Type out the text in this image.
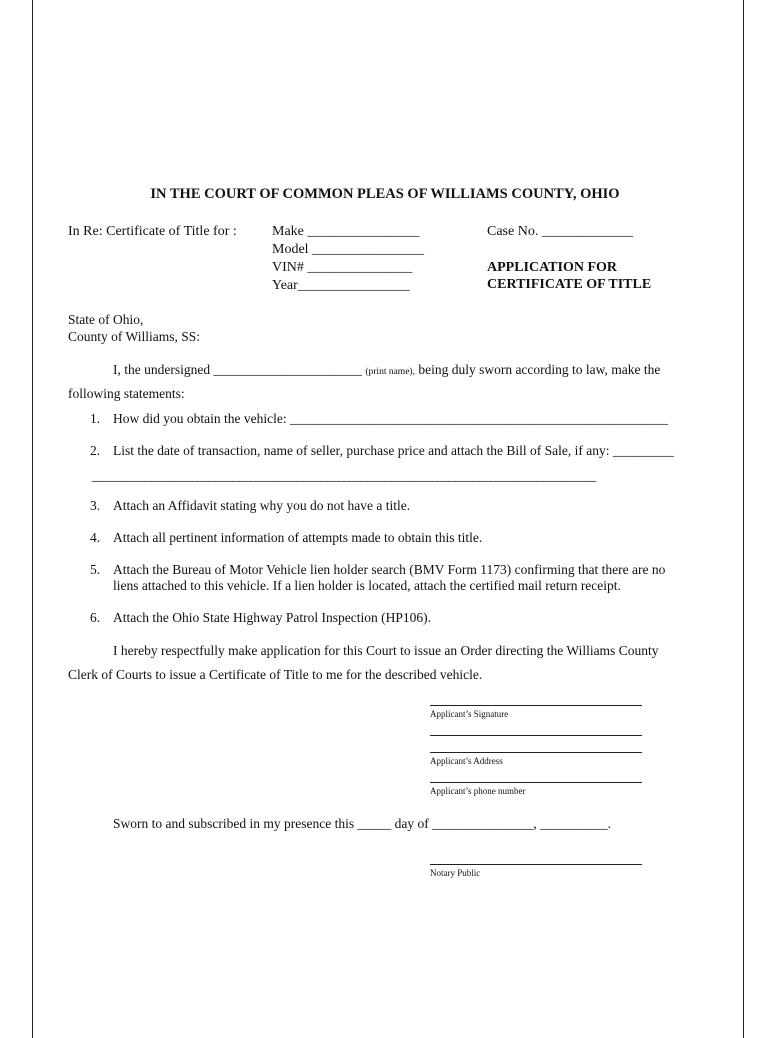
IN THE COURT OF COMMON PLEAS OF WILLIAMS COUNTY, OHIO
In Re: Certificate of Title for :	Make ________________
Model ________________
VIN# _______________
Year________________
Case No. _____________
APPLICATION FOR
CERTIFICATE OF TITLE
State of Ohio,
County of Williams, SS:
I, the undersigned ______________________ (print name), being duly sworn according to law, make the
following statements:
1. How did you obtain the vehicle: ________________________________________________________
2. List the date of transaction, name of seller, purchase price and attach the Bill of Sale, if any: _________
______________________________________________________________________________________
3. Attach an Affidavit stating why you do not have a title.
4. Attach all pertinent information of attempts made to obtain this title.
5. Attach the Bureau of Motor Vehicle lien holder search (BMV Form 1173) confirming that there are no
liens attached to this vehicle. If a lien holder is located, attach the certified mail return receipt.
6. Attach the Ohio State Highway Patrol Inspection (HP106).
I hereby respectfully make application for this Court to issue an Order directing the Williams County
Clerk of Courts to issue a Certificate of Title to me for the described vehicle.
Applicant’s Signature
Applicant’s Address
Applicant’s phone number
Sworn to and subscribed in my presence this _____ day of _______________, __________.
Notary Public
